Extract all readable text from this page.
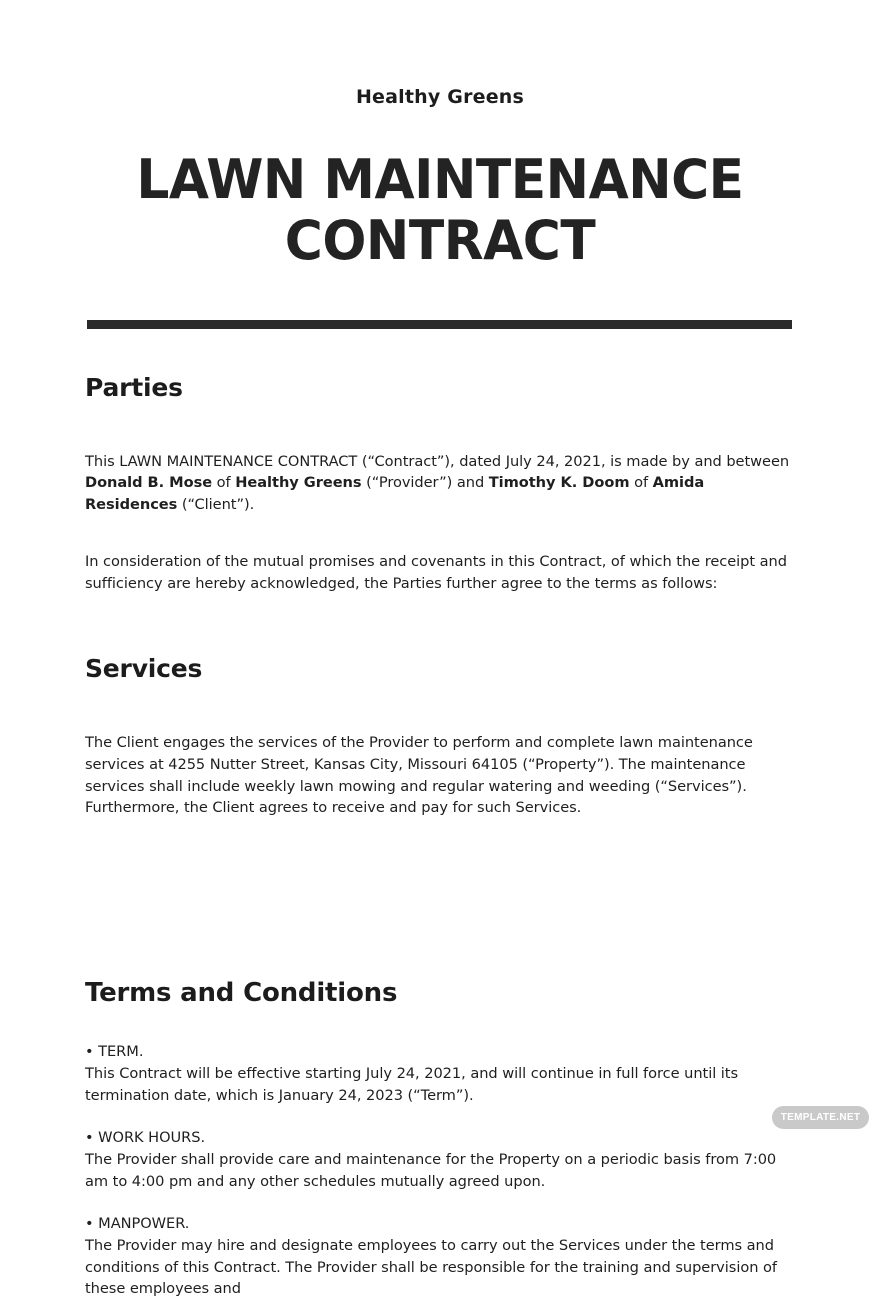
Healthy Greens
LAWN MAINTENANCE CONTRACT
Parties

This LAWN MAINTENANCE CONTRACT (“Contract”), dated July 24, 2021, is made by and between Donald B. Mose of Healthy Greens (“Provider”) and Timothy K. Doom of Amida Residences (“Client”).

In consideration of the mutual promises and covenants in this Contract, of which the receipt and sufficiency are hereby acknowledged, the Parties further agree to the terms as follows:

Services

The Client engages the services of the Provider to perform and complete lawn maintenance services at 4255 Nutter Street, Kansas City, Missouri 64105 (“Property”). The maintenance services shall include weekly lawn mowing and regular watering and weeding (“Services”). Furthermore, the Client agrees to receive and pay for such Services.

Terms and Conditions
• TERM.
This Contract will be effective starting July 24, 2021, and will continue in full force until its termination date, which is January 24, 2023 (“Term”).
• WORK HOURS.
The Provider shall provide care and maintenance for the Property on a periodic basis from 7:00 am to 4:00 pm and any other schedules mutually agreed upon.
• MANPOWER.
The Provider may hire and designate employees to carry out the Services under the terms and conditions of this Contract. The Provider shall be responsible for the training and supervision of these employees and
TEMPLATE.NET
